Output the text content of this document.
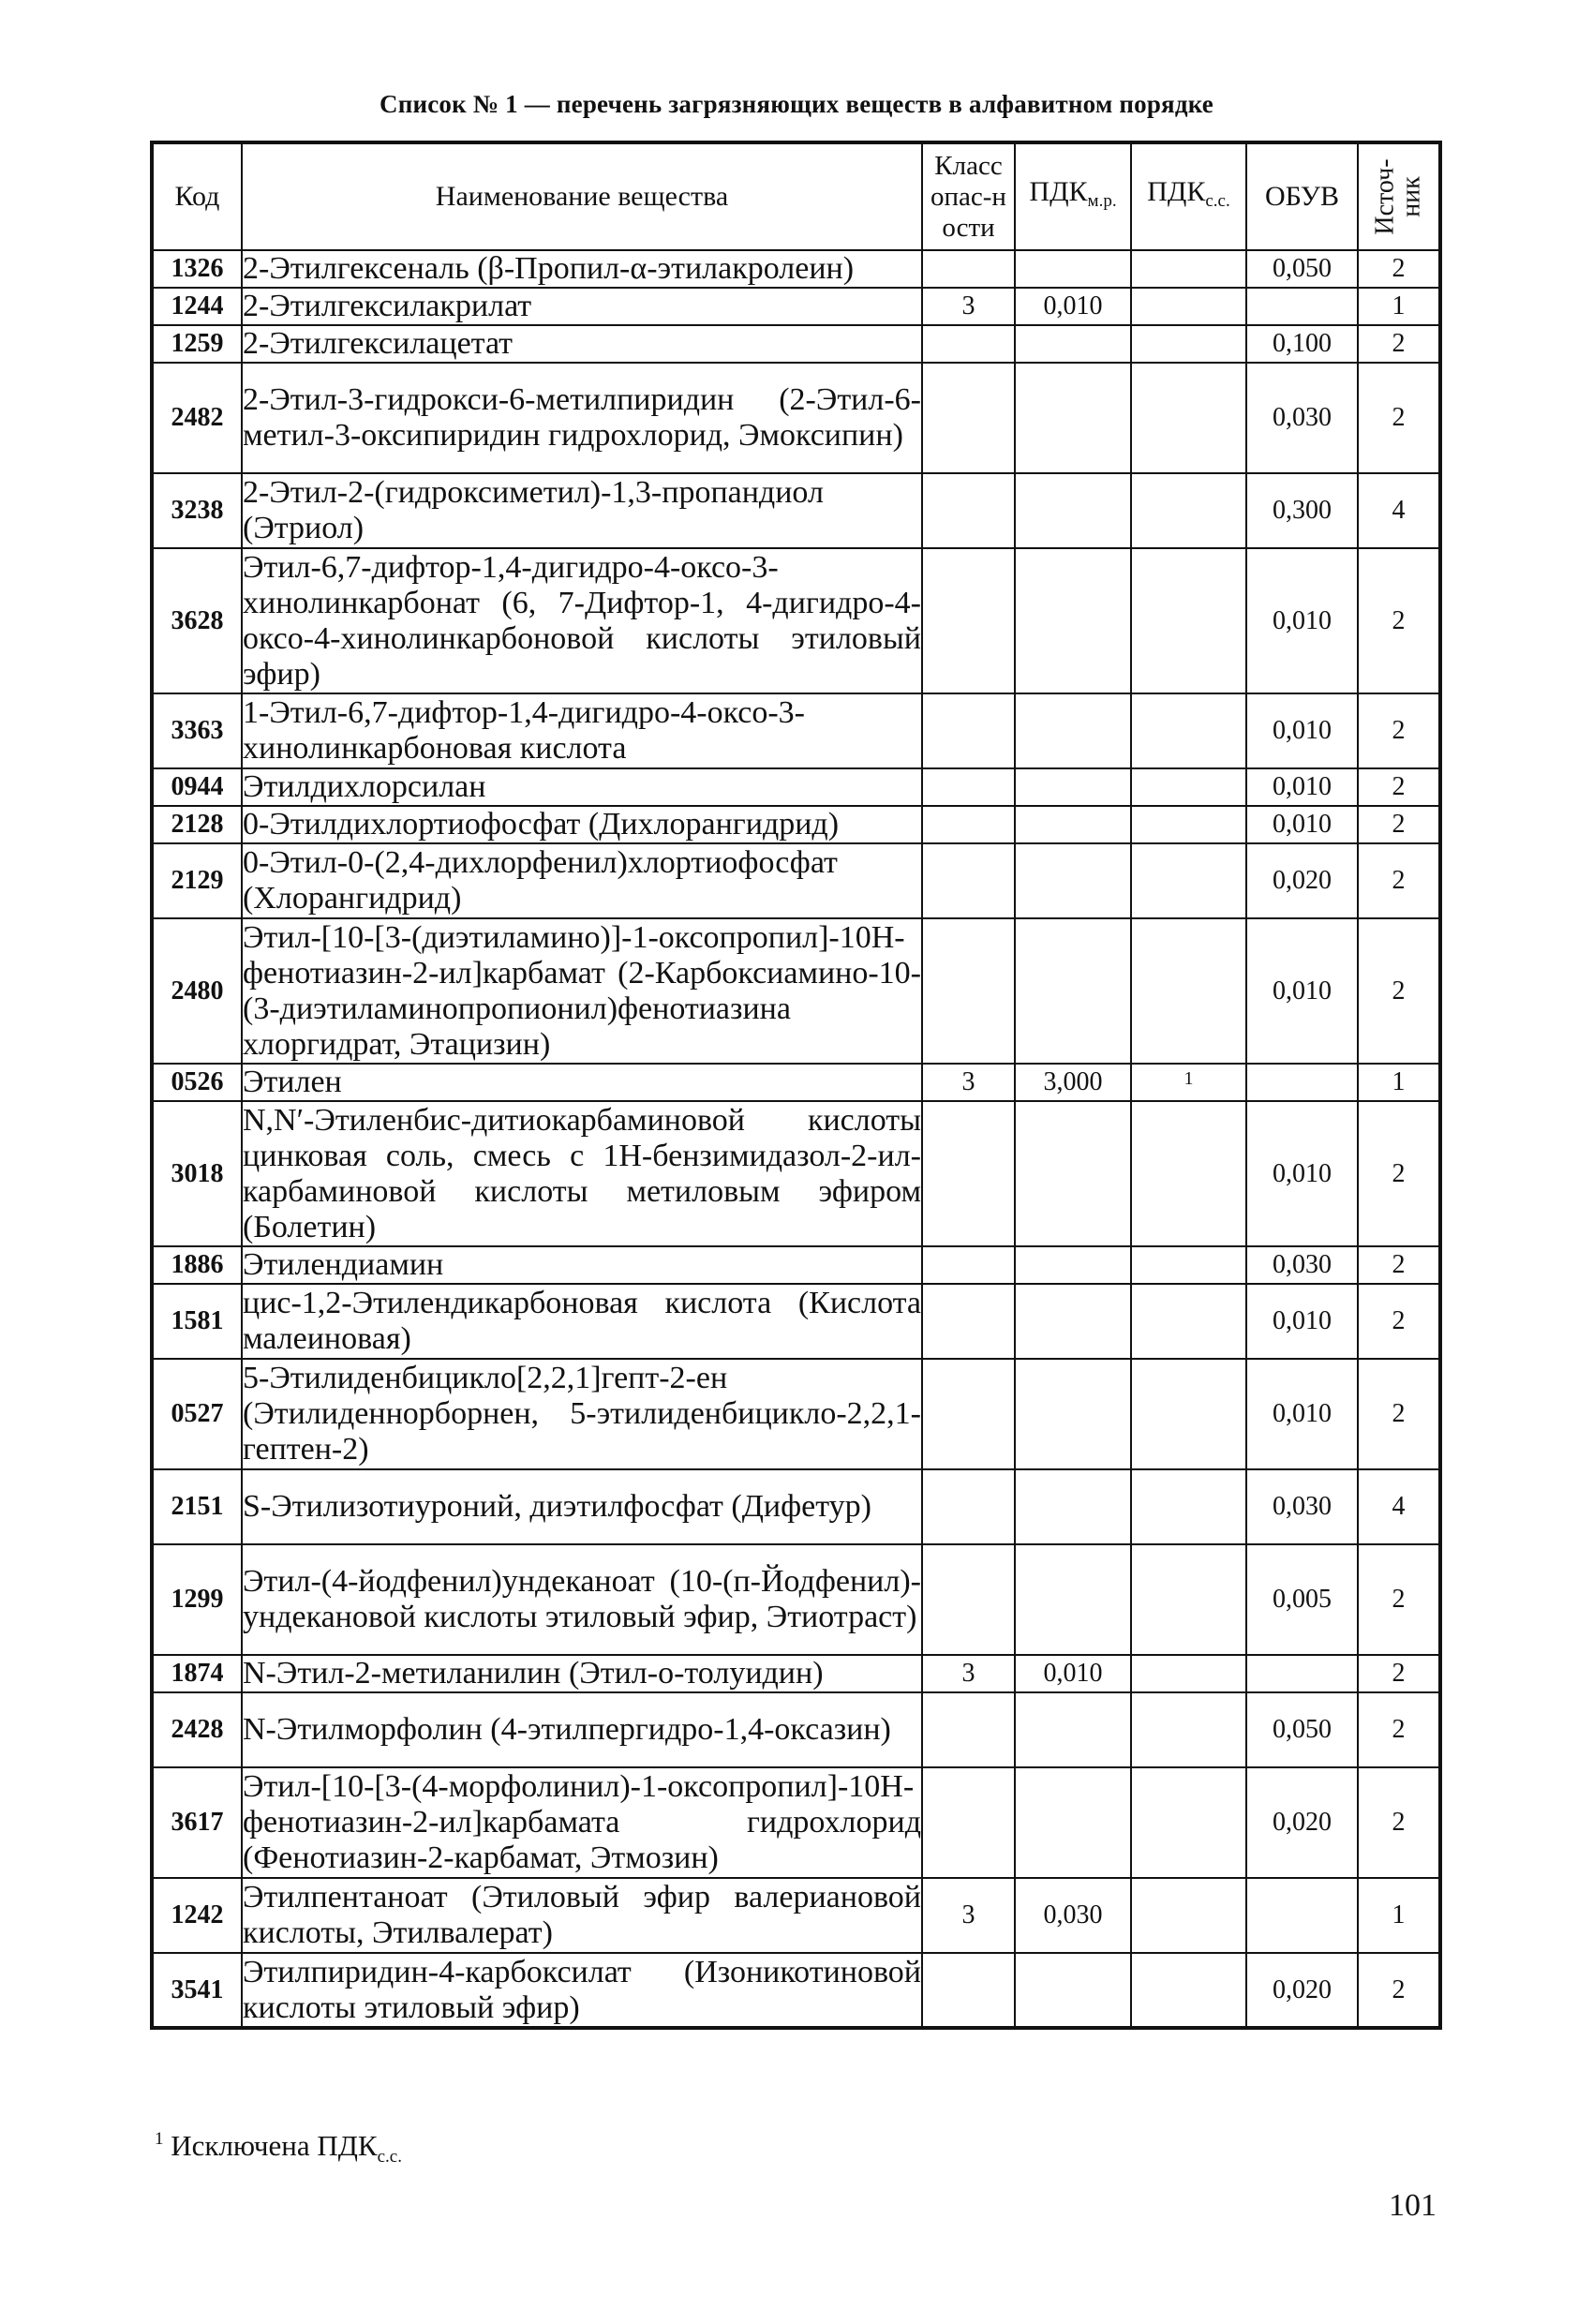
Список № 1 — перечень загрязняющих веществ в алфавитном порядке
Код	Наименование вещества	Класс опас-ности	$ПДК_{м.р.}$	$ПДК_{с.с.}$	ОБУВ	Источ-ник

1326	2-Этилгексеналь (β-Пропил-α-этилакролеин)				0,050	2
1244	2-Этилгексилакрилат	3	0,010			1
1259	2-Этилгексилацетат				0,100	2
2482	2-Этил-3-гидрокси-6-метилпиридин (2-Этил-6-метил-3-оксипиридин гидрохлорид, Эмоксипин)				0,030	2
3238	2-Этил-2-(гидроксиметил)-1,3-пропандиол (Этриол)				0,300	4
3628	Этил-6,7-дифтор-1,4-дигидро-4-оксо-3-хинолинкарбонат (6, 7-Дифтор-1, 4-дигидро-4-оксо-4-хинолинкарбоновой кислоты этиловый эфир)				0,010	2
3363	1-Этил-6,7-дифтор-1,4-дигидро-4-оксо-3-хинолинкарбоновая кислота				0,010	2
0944	Этилдихлорсилан				0,010	2
2128	0-Этилдихлортиофосфат (Дихлорангидрид)				0,010	2
2129	0-Этил-0-(2,4-дихлорфенил)хлортиофосфат (Хлорангидрид)				0,020	2
2480	Этил-[10-[3-(диэтиламино)]-1-оксопропил]-10Н-фенотиазин-2-ил]карбамат (2-Карбоксиамино-10-(3-диэтиламинопропионил)фенотиазина хлоргидрат, Этацизин)				0,010	2
0526	Этилен	3	3,000	1		1
3018	N,N′-Этиленбис-дитиокарбаминовой кислоты цинковая соль, смесь с 1Н-бензимидазол-2-ил-карбаминовой кислоты метиловым эфиром (Болетин)				0,010	2
1886	Этилендиамин				0,030	2
1581	цис-1,2-Этилендикарбоновая кислота (Кислота малеиновая)				0,010	2
0527	5-Этилиденбицикло[2,2,1]гепт-2-ен (Этилиденнорборнен, 5-этилиденбицикло-2,2,1-гептен-2)				0,010	2
2151	S-Этилизотиуроний, диэтилфосфат (Дифетур)				0,030	4
1299	Этил-(4-йодфенил)ундеканоат (10-(п-Йодфенил)-ундекановой кислоты этиловый эфир, Этиотраст)				0,005	2
1874	N-Этил-2-метиланилин (Этил-о-толуидин)	3	0,010			2
2428	N-Этилморфолин (4-этилпергидро-1,4-оксазин)				0,050	2
3617	Этил-[10-[3-(4-морфолинил)-1-оксопропил]-10Н-фенотиазин-2-ил]карбамата гидрохлорид (Фенотиазин-2-карбамат, Этмозин)				0,020	2
1242	Этилпентаноат (Этиловый эфир валериановой кислоты, Этилвалерат)	3	0,030			1
3541	Этилпиридин-4-карбоксилат (Изоникотиновой кислоты этиловый эфир)				0,020	2
$^1$ Исключена $ПДК_{с.с.}$
101
